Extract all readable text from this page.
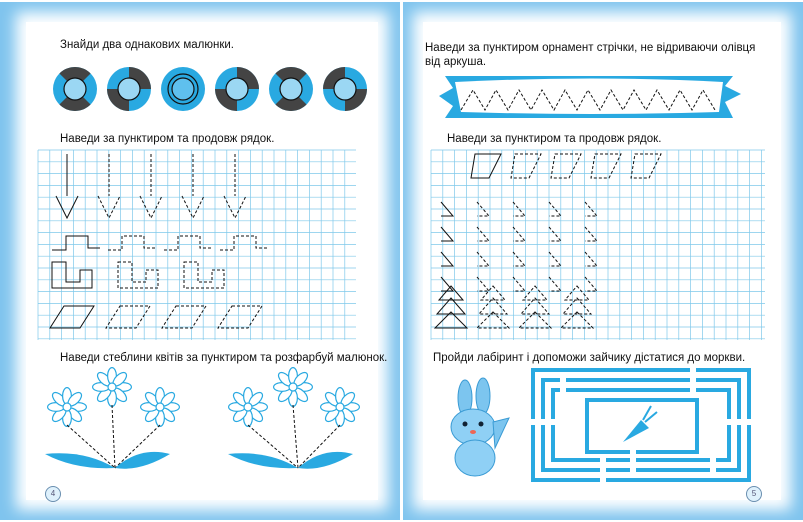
Знайди два однакових малюнки.
Наведи за пунктиром та продовж рядок.
Наведи стеблини квітів за пунктиром та розфарбуй малюнок.
4
Наведи за пунктиром орнамент стрічки, не відриваючи олівця
від аркуша.
Наведи за пунктиром та продовж рядок.
Пройди лабіринт і допоможи зайчику дістатися до моркви.
5
